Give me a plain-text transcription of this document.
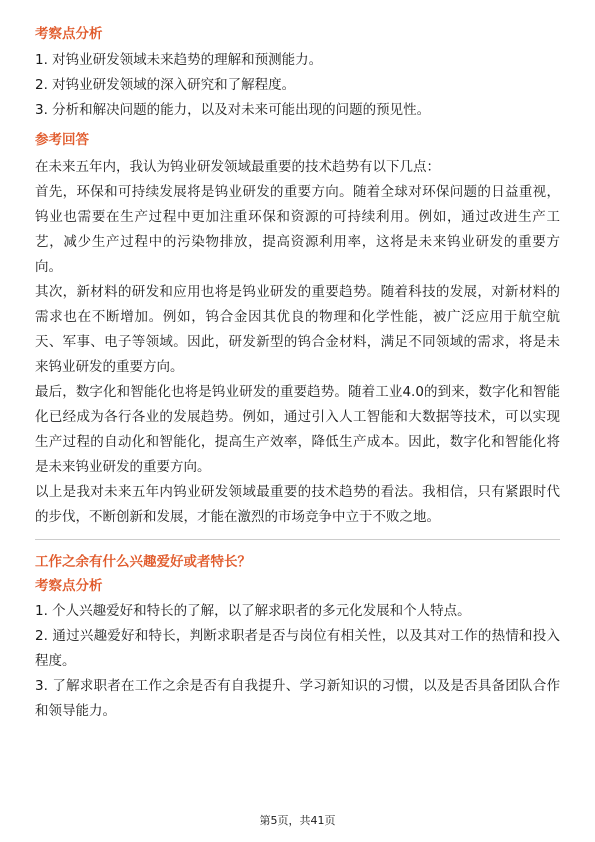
考察点分析

1. 对钨业研发领域未来趋势的理解和预测能力。

2. 对钨业研发领域的深入研究和了解程度。

3. 分析和解决问题的能力，以及对未来可能出现的问题的预见性。

参考回答

在未来五年内，我认为钨业研发领域最重要的技术趋势有以下几点：

首先，环保和可持续发展将是钨业研发的重要方向。随着全球对环保问题的日益重视，钨业也需要在生产过程中更加注重环保和资源的可持续利用。例如，通过改进生产工艺，减少生产过程中的污染物排放，提高资源利用率，这将是未来钨业研发的重要方向。

其次，新材料的研发和应用也将是钨业研发的重要趋势。随着科技的发展，对新材料的需求也在不断增加。例如，钨合金因其优良的物理和化学性能，被广泛应用于航空航天、军事、电子等领域。因此，研发新型的钨合金材料，满足不同领域的需求，将是未来钨业研发的重要方向。

最后，数字化和智能化也将是钨业研发的重要趋势。随着工业4.0的到来，数字化和智能化已经成为各行各业的发展趋势。例如，通过引入人工智能和大数据等技术，可以实现生产过程的自动化和智能化，提高生产效率，降低生产成本。因此，数字化和智能化将是未来钨业研发的重要方向。

以上是我对未来五年内钨业研发领域最重要的技术趋势的看法。我相信，只有紧跟时代的步伐，不断创新和发展，才能在激烈的市场竞争中立于不败之地。

工作之余有什么兴趣爱好或者特长？
考察点分析

1. 个人兴趣爱好和特长的了解，以了解求职者的多元化发展和个人特点。

2. 通过兴趣爱好和特长，判断求职者是否与岗位有相关性，以及其对工作的热情和投入程度。

3. 了解求职者在工作之余是否有自我提升、学习新知识的习惯，以及是否具备团队合作和领导能力。

第5页，共41页
